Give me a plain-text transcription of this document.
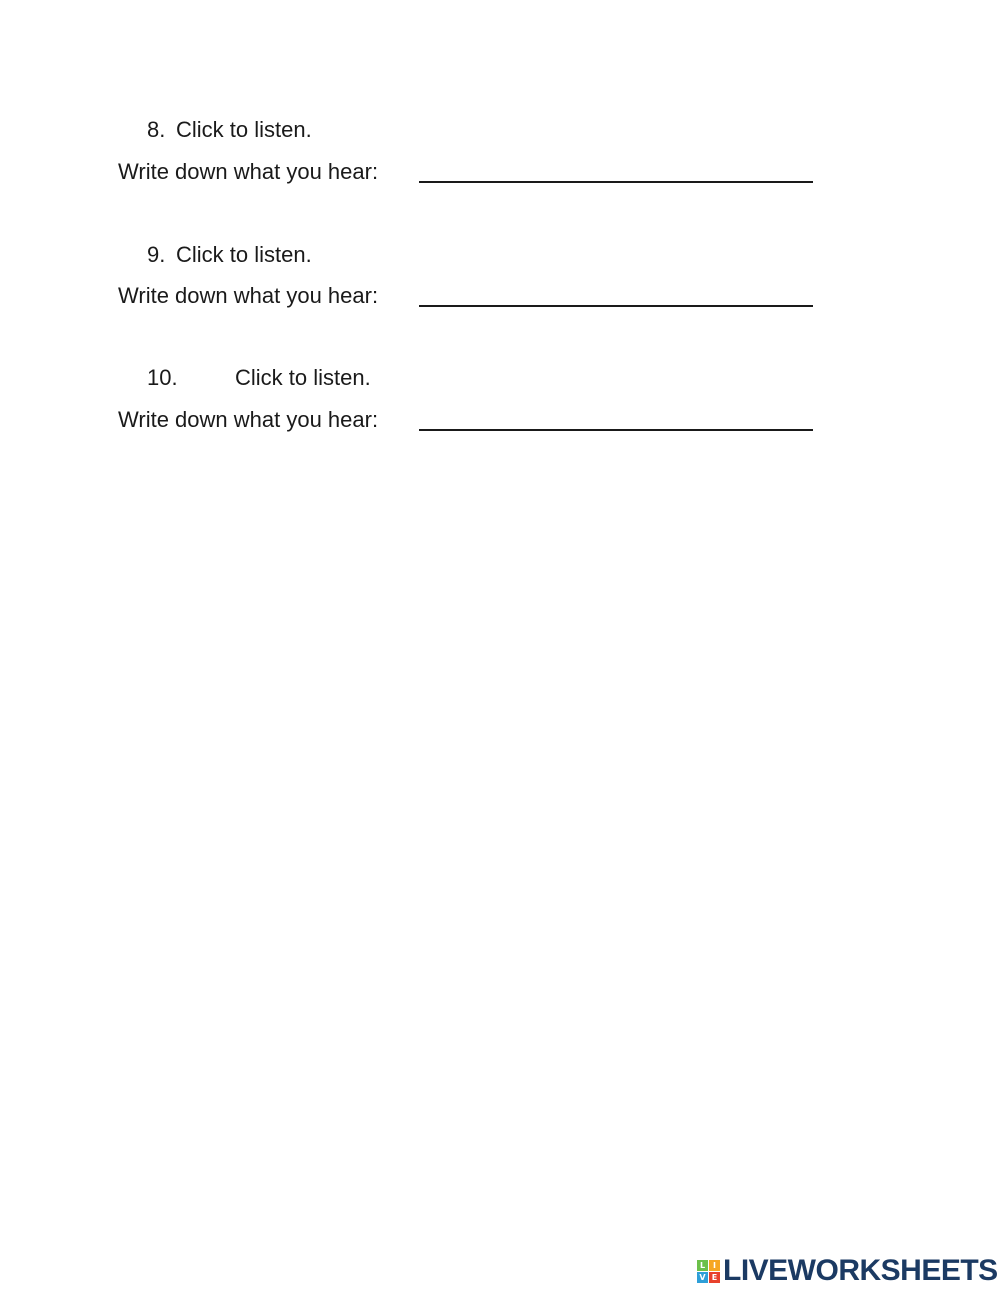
8. Click to listen.
Write down what you hear:
9. Click to listen.
Write down what you hear:
10.	Click to listen.
Write down what you hear:
L I
V E LIVEWORKSHEETS
